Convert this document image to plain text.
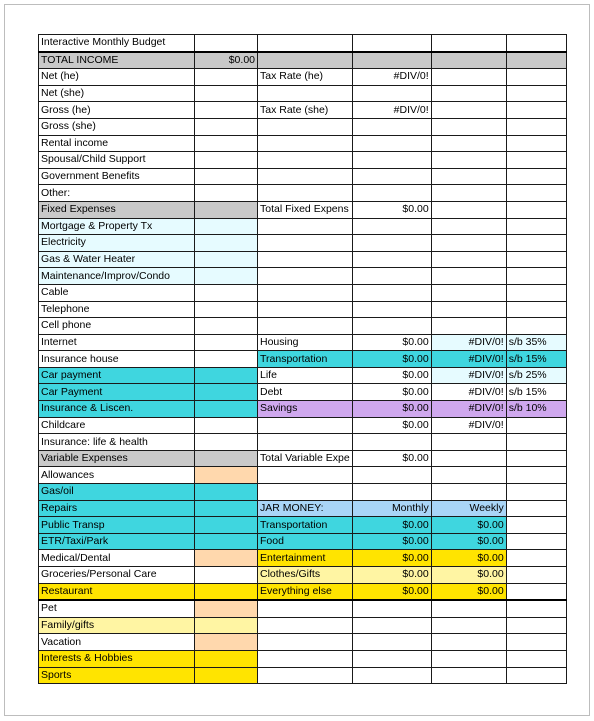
Interactive Monthly Budget					
TOTAL INCOME	$0.00				
Net (he)		Tax Rate (he)	#DIV/0!		
Net (she)					
Gross (he)		Tax Rate (she)	#DIV/0!		
Gross (she)					
Rental income					
Spousal/Child Support					
Government Benefits					
Other:					
Fixed Expenses		Total Fixed Expens	$0.00		
Mortgage & Property Tx					
Electricity					
Gas & Water Heater					
Maintenance/Improv/Condo					
Cable					
Telephone					
Cell phone					
Internet		Housing	$0.00	#DIV/0!	s/b 35%
Insurance house		Transportation	$0.00	#DIV/0!	s/b 15%
Car payment		Life	$0.00	#DIV/0!	s/b 25%
Car Payment		Debt	$0.00	#DIV/0!	s/b 15%
Insurance & Liscen.		Savings	$0.00	#DIV/0!	s/b 10%
Childcare			$0.00	#DIV/0!	
Insurance: life & health					
Variable Expenses		Total Variable Expe	$0.00		
Allowances					
Gas/oil					
Repairs		JAR MONEY:	Monthly	Weekly	
Public Transp		Transportation	$0.00	$0.00	
ETR/Taxi/Park		Food	$0.00	$0.00	
Medical/Dental		Entertainment	$0.00	$0.00	
Groceries/Personal Care		Clothes/Gifts	$0.00	$0.00	
Restaurant		Everything else	$0.00	$0.00	
Pet					
Family/gifts					
Vacation					
Interests & Hobbies					
Sports					
